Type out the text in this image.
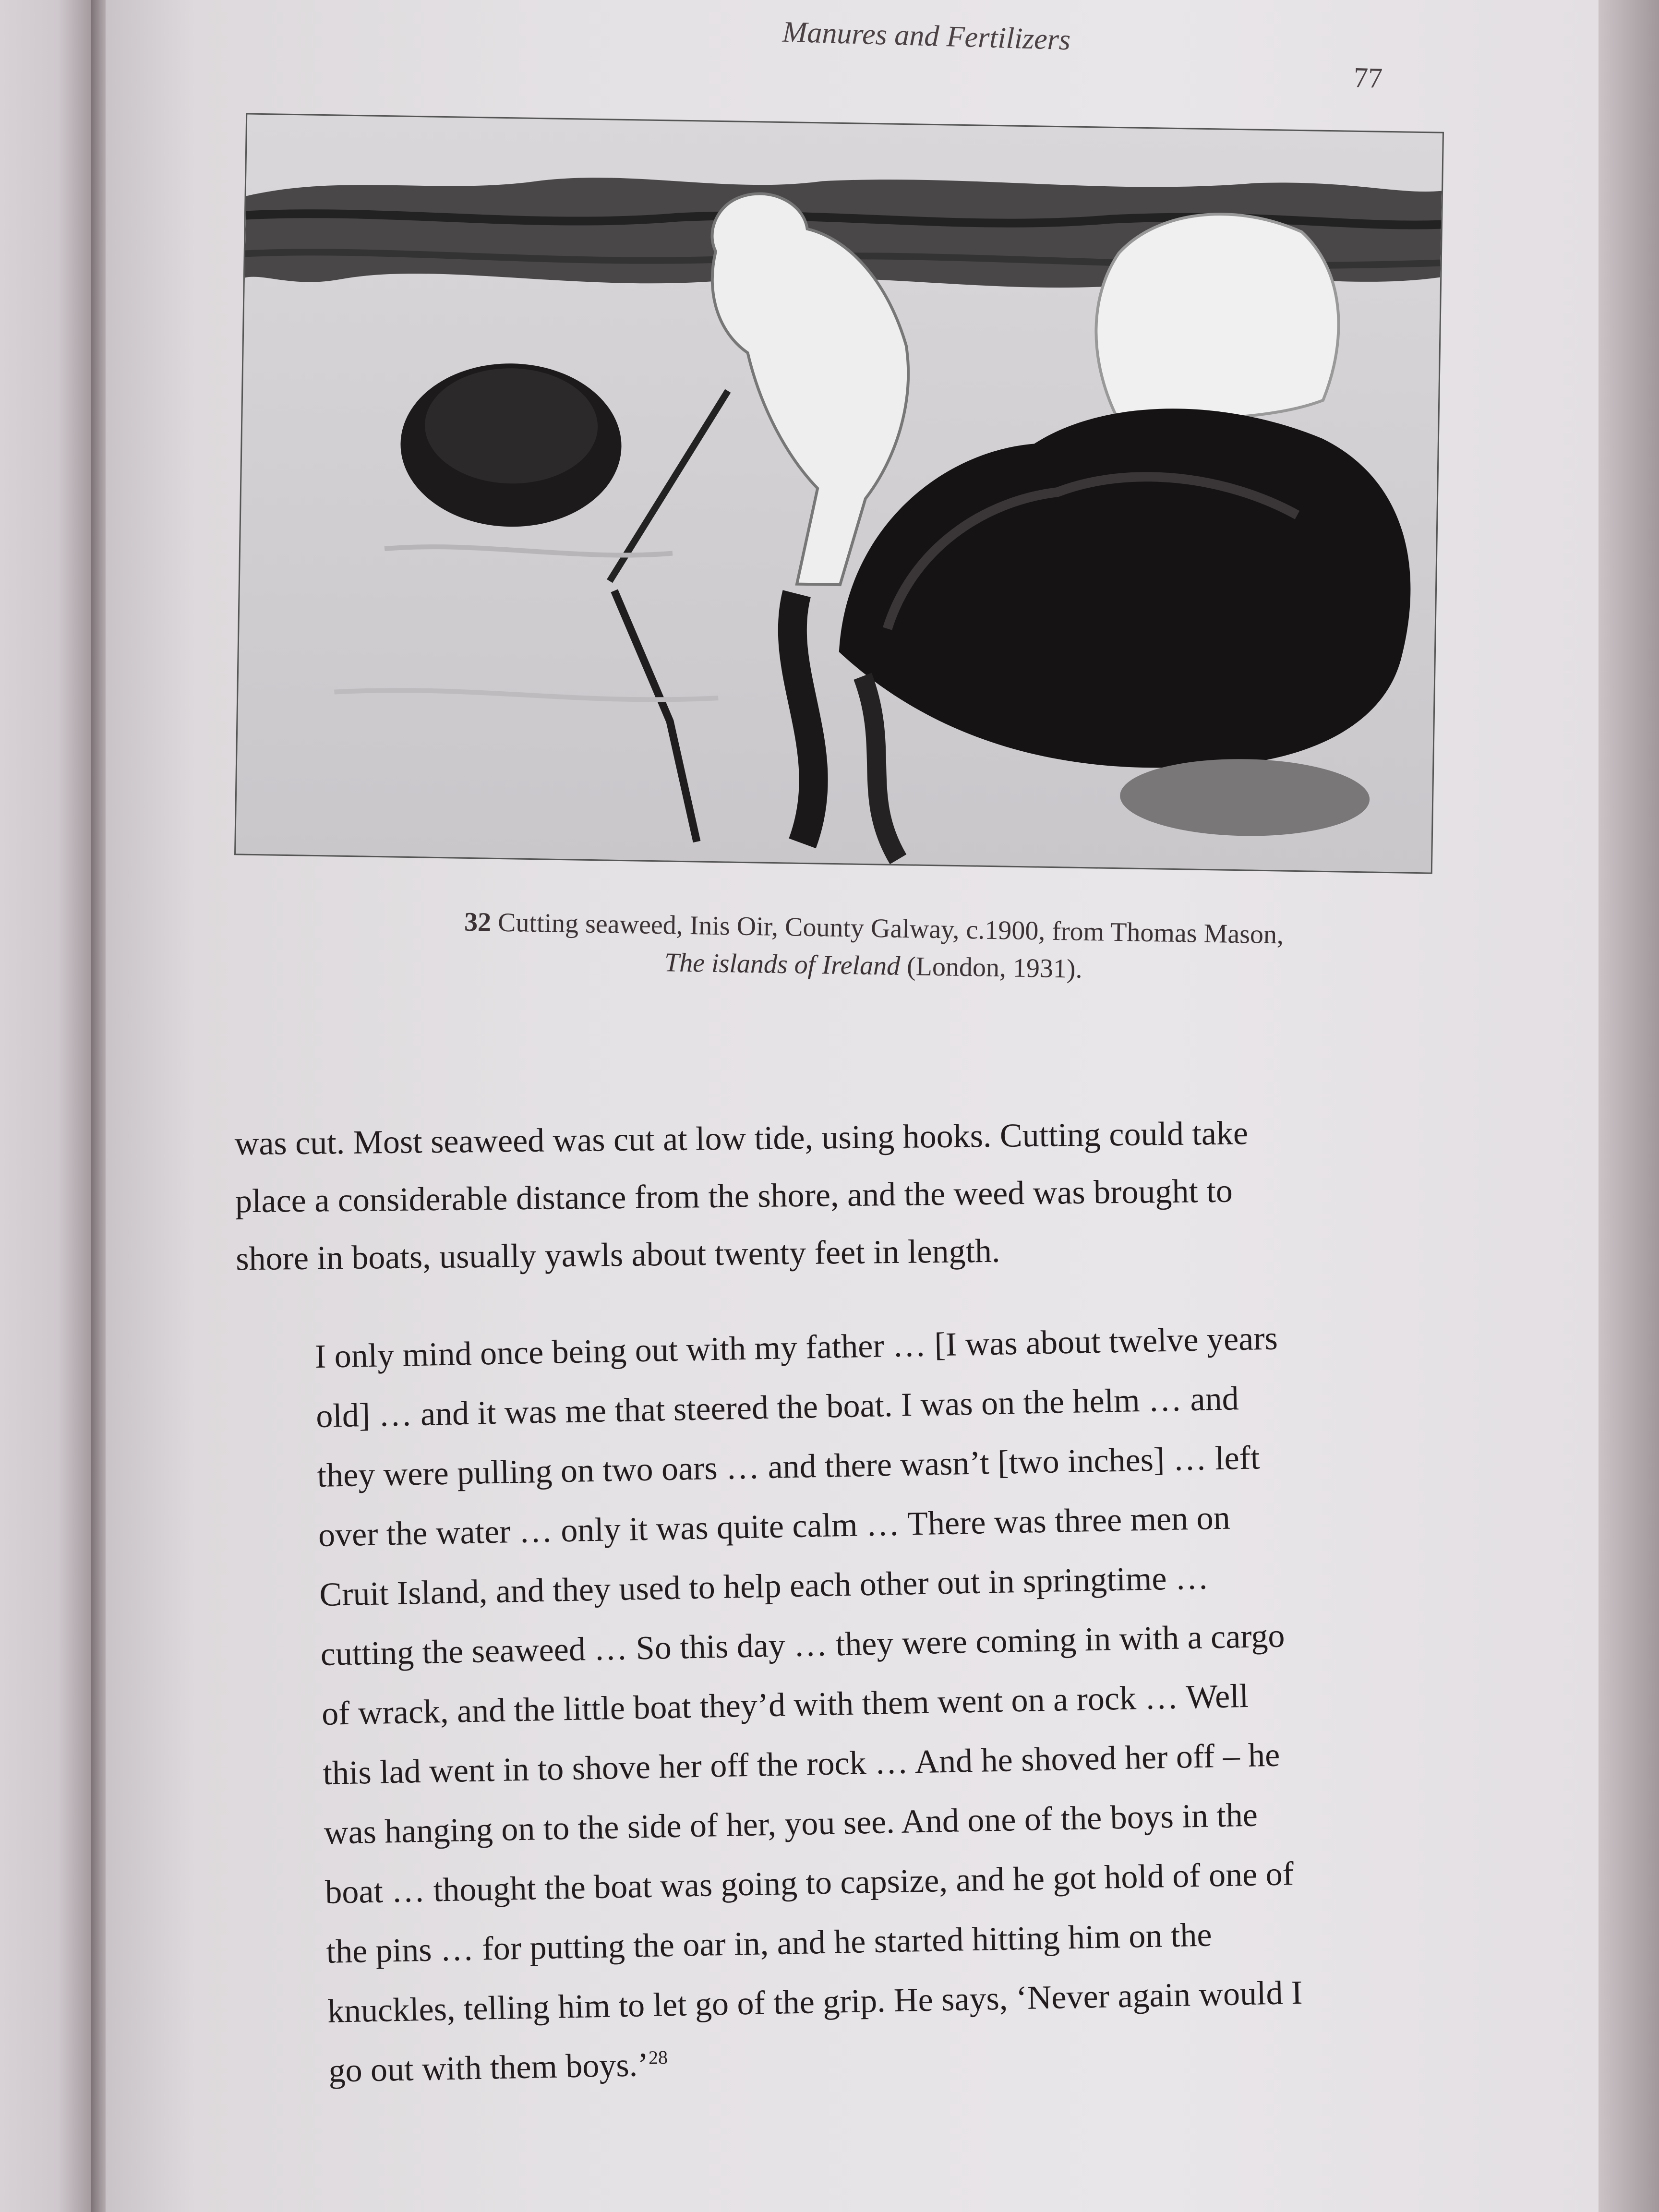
Manures and Fertilizers
77
32 Cutting seaweed, Inis Oir, County Galway, c.1900, from Thomas Mason,
The islands of Ireland (London, 1931).
was cut. Most seaweed was cut at low tide, using hooks. Cutting could take
place a considerable distance from the shore, and the weed was brought to
shore in boats, usually yawls about twenty feet in length.
I only mind once being out with my father … [I was about twelve years
old] … and it was me that steered the boat. I was on the helm … and
they were pulling on two oars … and there wasn’t [two inches] … left
over the water … only it was quite calm … There was three men on
Cruit Island, and they used to help each other out in springtime …
cutting the seaweed … So this day … they were coming in with a cargo
of wrack, and the little boat they’d with them went on a rock … Well
this lad went in to shove her off the rock … And he shoved her off – he
was hanging on to the side of her, you see. And one of the boys in the
boat … thought the boat was going to capsize, and he got hold of one of
the pins … for putting the oar in, and he started hitting him on the
knuckles, telling him to let go of the grip. He says, ‘Never again would I
go out with them boys.’$^{28}$
